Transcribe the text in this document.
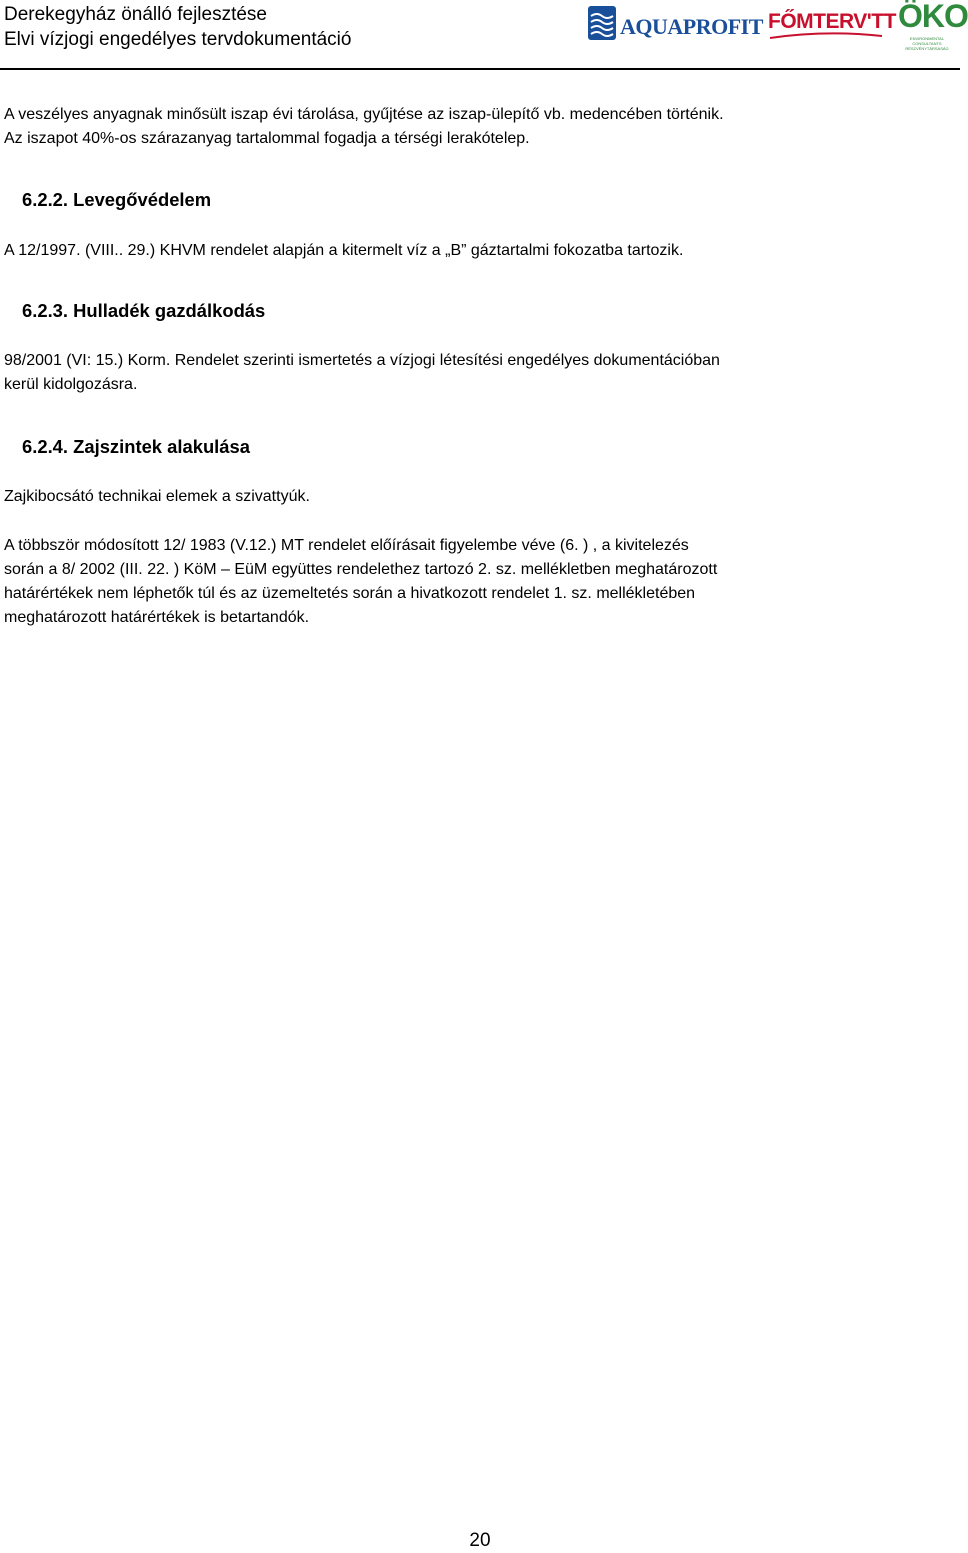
Derekegyház önálló fejlesztése
Elvi vízjogi engedélyes tervdokumentáció
AQUAPROFIT FŐMTERV'TT ÖKO
ENVIRONMENTAL CONSULTANTS RÉSZVÉNYTÁRSASÁG

A veszélyes anyagnak minősült iszap évi tárolása, gyűjtése az iszap-ülepítő vb. medencében történik.

Az iszapot 40%-os szárazanyag tartalommal fogadja a térségi lerakótelep.

6.2.2. Levegővédelem

A 12/1997. (VIII.. 29.) KHVM rendelet alapján a kitermelt víz a „B” gáztartalmi fokozatba tartozik.

6.2.3. Hulladék gazdálkodás

98/2001 (VI: 15.) Korm. Rendelet szerinti ismertetés a vízjogi létesítési engedélyes dokumentációban

kerül kidolgozásra.

6.2.4. Zajszintek alakulása

Zajkibocsátó technikai elemek a szivattyúk.

A többször módosított 12/ 1983 (V.12.) MT rendelet előírásait figyelembe véve (6. ) , a kivitelezés

során a 8/ 2002 (III. 22. ) KöM – EüM együttes rendelethez tartozó 2. sz. mellékletben meghatározott

határértékek nem léphetők túl és az üzemeltetés során a hivatkozott rendelet 1. sz. mellékletében

meghatározott határértékek is betartandók.

20
